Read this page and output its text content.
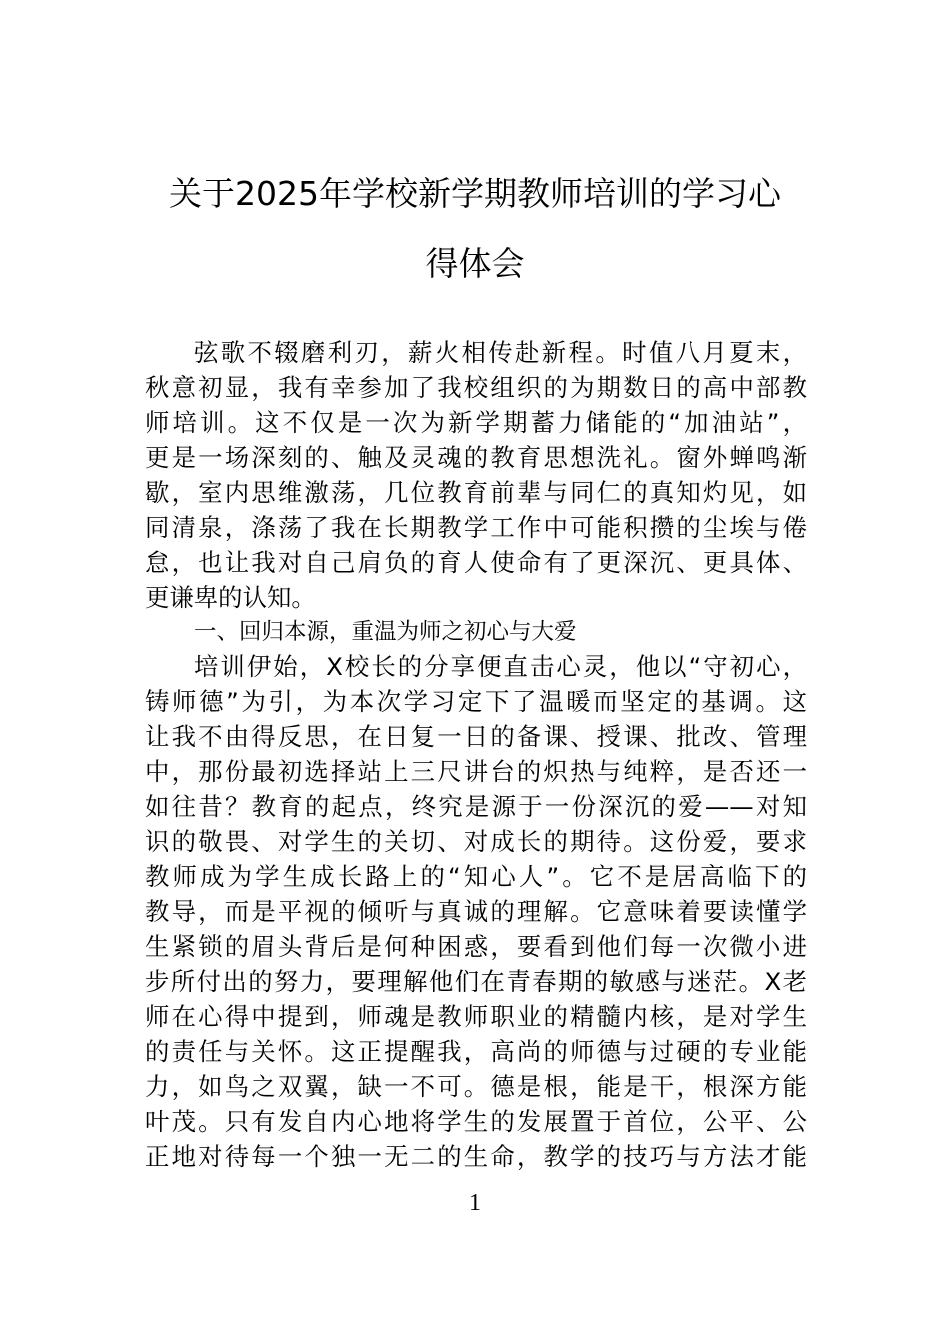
关于2025年学校新学期教师培训的学习心
得体会
弦歌不辍磨利刃，薪火相传赴新程。时值八月夏末，
秋意初显，我有幸参加了我校组织的为期数日的高中部教
师培训。这不仅是一次为新学期蓄力储能的“加油站”，
更是一场深刻的、触及灵魂的教育思想洗礼。窗外蝉鸣渐
歇，室内思维激荡，几位教育前辈与同仁的真知灼见，如
同清泉，涤荡了我在长期教学工作中可能积攒的尘埃与倦
怠，也让我对自己肩负的育人使命有了更深沉、更具体、
更谦卑的认知。
一、回归本源，重温为师之初心与大爱
培训伊始，X校长的分享便直击心灵，他以“守初心，
铸师德”为引，为本次学习定下了温暖而坚定的基调。这
让我不由得反思，在日复一日的备课、授课、批改、管理
中，那份最初选择站上三尺讲台的炽热与纯粹，是否还一
如往昔？教育的起点，终究是源于一份深沉的爱——对知
识的敬畏、对学生的关切、对成长的期待。这份爱，要求
教师成为学生成长路上的“知心人”。它不是居高临下的
教导，而是平视的倾听与真诚的理解。它意味着要读懂学
生紧锁的眉头背后是何种困惑，要看到他们每一次微小进
步所付出的努力，要理解他们在青春期的敏感与迷茫。X老
师在心得中提到，师魂是教师职业的精髓内核，是对学生
的责任与关怀。这正提醒我，高尚的师德与过硬的专业能
力，如鸟之双翼，缺一不可。德是根，能是干，根深方能
叶茂。只有发自内心地将学生的发展置于首位，公平、公
正地对待每一个独一无二的生命，教学的技巧与方法才能
1
